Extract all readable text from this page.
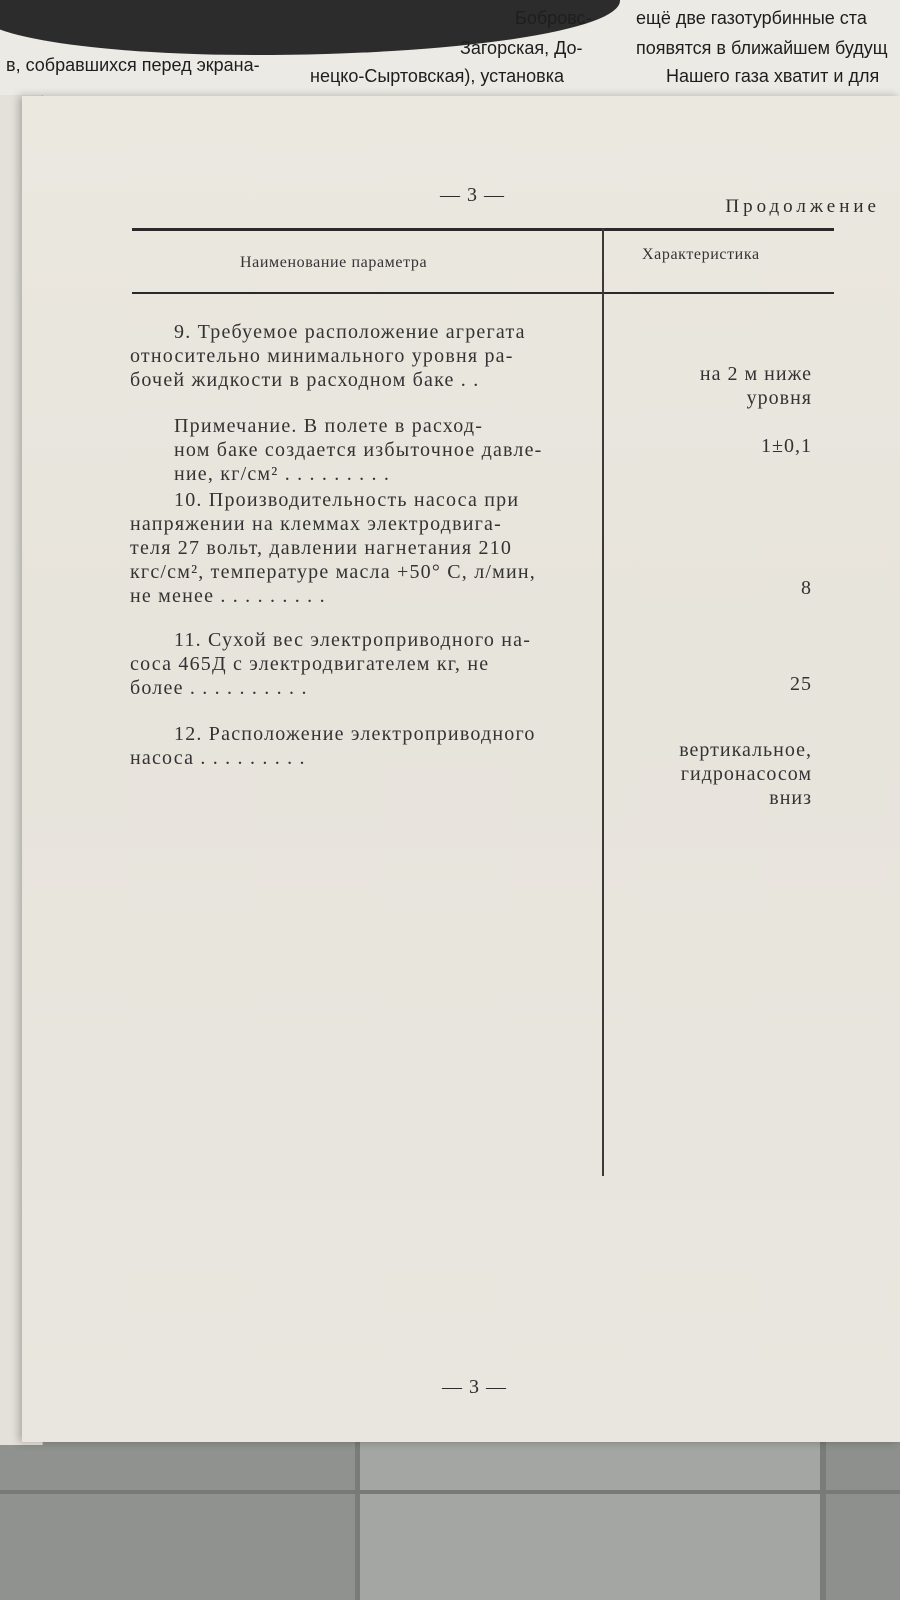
Бобровс- ещё две газотурбинные ста
в, собравшихся перед экрана-
Загорская, До-	появятся в ближайшем будущ
нецко-Сыртовская), установка	Нашего газа хватит и для
— 3 —
Продолжение
Наименование параметра	Характеристика
9. Требуемое расположение агрегата
относительно минимального уровня ра-
бочей жидкости в расходном баке . .	на 2 м ниже
уровня
Примечание. В полете в расход-
ном баке создается избыточное давле-
ние, кг/см² . . . . . . . . .
1±0,1
10. Производительность насоса при
напряжении на клеммах электродвига-
теля 27 вольт, давлении нагнетания 210
кгс/см², температуре масла +50° С, л/мин,
не менее . . . . . . . . .	8
11. Сухой вес электроприводного на-
соса 465Д с электродвигателем кг, не
более . . . . . . . . . .	25
12. Расположение электроприводного
насоса . . . . . . . . .	вертикальное,
гидронасосом
вниз
— 3 —
